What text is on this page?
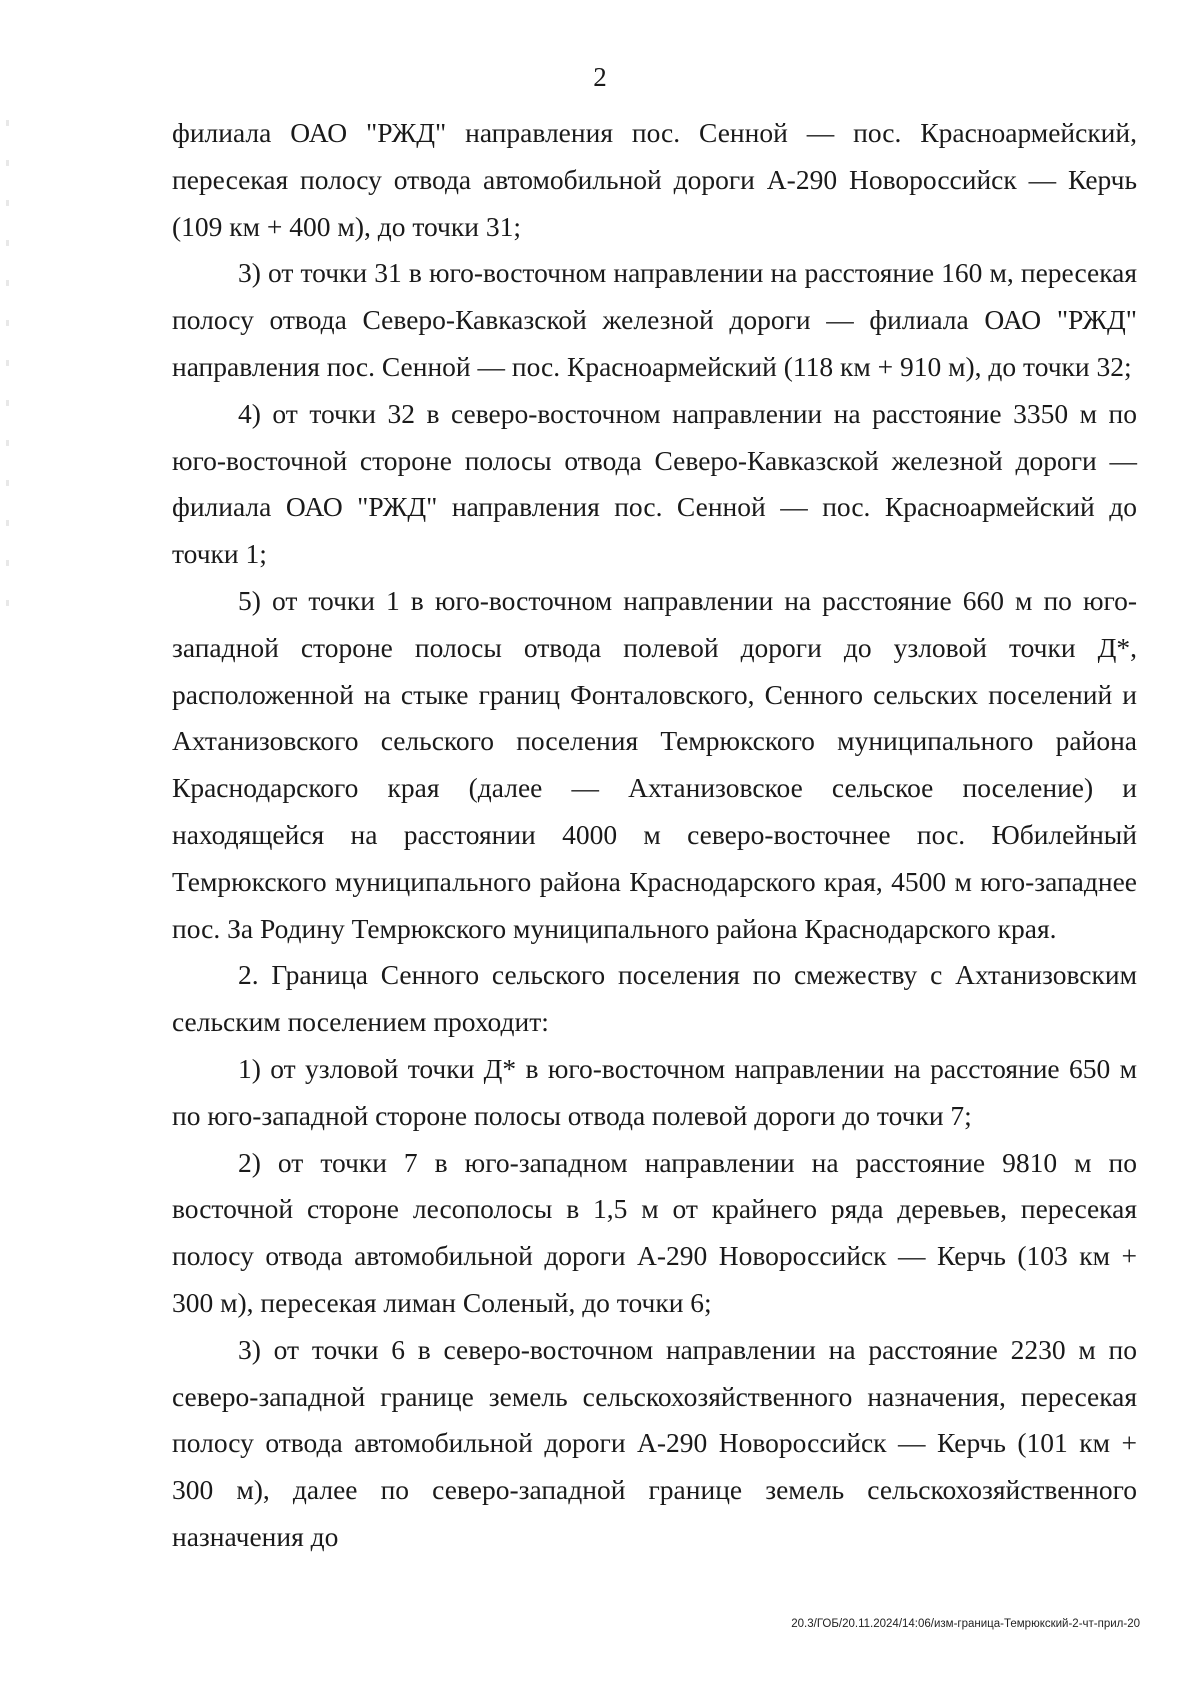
2

филиала ОАО "РЖД" направления пос. Сенной — пос. Красноармейский, пересекая полосу отвода автомобильной дороги А-290 Новороссийск — Керчь (109 км + 400 м), до точки 31;

3) от точки 31 в юго-восточном направлении на расстояние 160 м, пересекая полосу отвода Северо-Кавказской железной дороги — филиала ОАО "РЖД" направления пос. Сенной — пос. Красноармейский (118 км + 910 м), до точки 32;

4) от точки 32 в северо-восточном направлении на расстояние 3350 м по юго-восточной стороне полосы отвода Северо-Кавказской железной дороги — филиала ОАО "РЖД" направления пос. Сенной — пос. Красноармейский до точки 1;

5) от точки 1 в юго-восточном направлении на расстояние 660 м по юго-западной стороне полосы отвода полевой дороги до узловой точки Д*, расположенной на стыке границ Фонталовского, Сенного сельских поселений и Ахтанизовского сельского поселения Темрюкского муниципального района Краснодарского края (далее — Ахтанизовское сельское поселение) и находящейся на расстоянии 4000 м северо-восточнее пос. Юбилейный Темрюкского муниципального района Краснодарского края, 4500 м юго-западнее пос. За Родину Темрюкского муниципального района Краснодарского края.

2. Граница Сенного сельского поселения по смежеству с Ахтанизовским сельским поселением проходит:

1) от узловой точки Д* в юго-восточном направлении на расстояние 650 м по юго-западной стороне полосы отвода полевой дороги до точки 7;

2) от точки 7 в юго-западном направлении на расстояние 9810 м по восточной стороне лесополосы в 1,5 м от крайнего ряда деревьев, пересекая полосу отвода автомобильной дороги А-290 Новороссийск — Керчь (103 км + 300 м), пересекая лиман Соленый, до точки 6;

3) от точки 6 в северо-восточном направлении на расстояние 2230 м по северо-западной границе земель сельскохозяйственного назначения, пересекая полосу отвода автомобильной дороги А-290 Новороссийск — Керчь (101 км + 300 м), далее по северо-западной границе земель сельскохозяйственного назначения до

20.3/ГОБ/20.11.2024/14:06/изм-граница-Темрюкский-2-чт-прил-20
